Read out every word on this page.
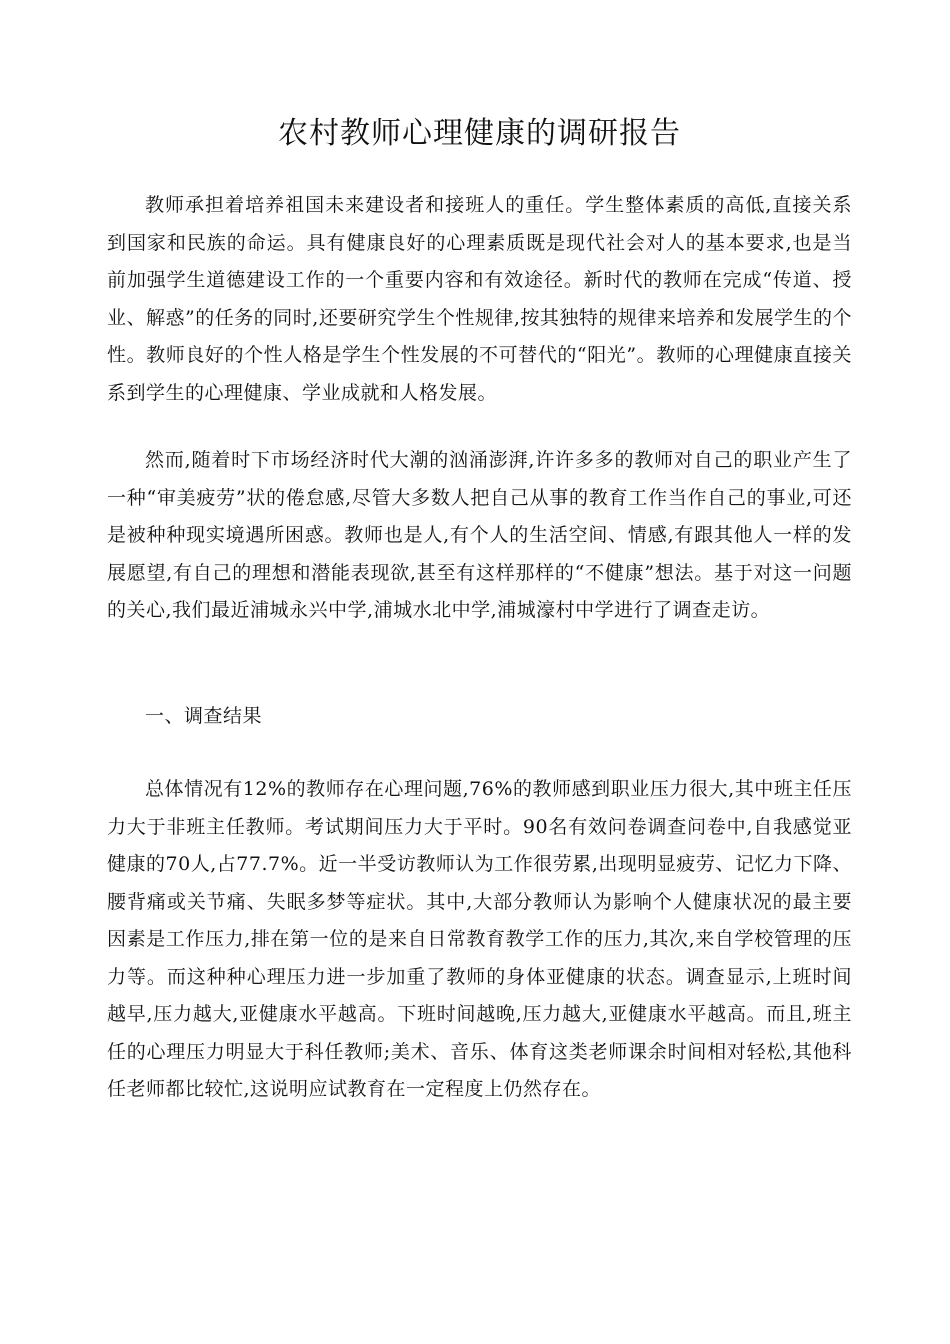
农村教师心理健康的调研报告

教师承担着培养祖国未来建设者和接班人的重任。学生整体素质的高低,直接关系到国家和民族的命运。具有健康良好的心理素质既是现代社会对人的基本要求,也是当前加强学生道德建设工作的一个重要内容和有效途径。新时代的教师在完成“传道、授业、解惑”的任务的同时,还要研究学生个性规律,按其独特的规律来培养和发展学生的个性。教师良好的个性人格是学生个性发展的不可替代的“阳光”。教师的心理健康直接关系到学生的心理健康、学业成就和人格发展。

然而,随着时下市场经济时代大潮的汹涌澎湃,许许多多的教师对自己的职业产生了一种“审美疲劳”状的倦怠感,尽管大多数人把自己从事的教育工作当作自己的事业,可还是被种种现实境遇所困惑。教师也是人,有个人的生活空间、情感,有跟其他人一样的发展愿望,有自己的理想和潜能表现欲,甚至有这样那样的“不健康”想法。基于对这一问题的关心,我们最近浦城永兴中学,浦城水北中学,浦城濠村中学进行了调查走访。

一、调查结果

总体情况有12%的教师存在心理问题,76%的教师感到职业压力很大,其中班主任压力大于非班主任教师。考试期间压力大于平时。90名有效问卷调查问卷中,自我感觉亚健康的70人,占77.7%。近一半受访教师认为工作很劳累,出现明显疲劳、记忆力下降、腰背痛或关节痛、失眠多梦等症状。其中,大部分教师认为影响个人健康状况的最主要因素是工作压力,排在第一位的是来自日常教育教学工作的压力,其次,来自学校管理的压力等。而这种种心理压力进一步加重了教师的身体亚健康的状态。调查显示,上班时间越早,压力越大,亚健康水平越高。下班时间越晚,压力越大,亚健康水平越高。而且,班主任的心理压力明显大于科任教师;美术、音乐、体育这类老师课余时间相对轻松,其他科任老师都比较忙,这说明应试教育在一定程度上仍然存在。
